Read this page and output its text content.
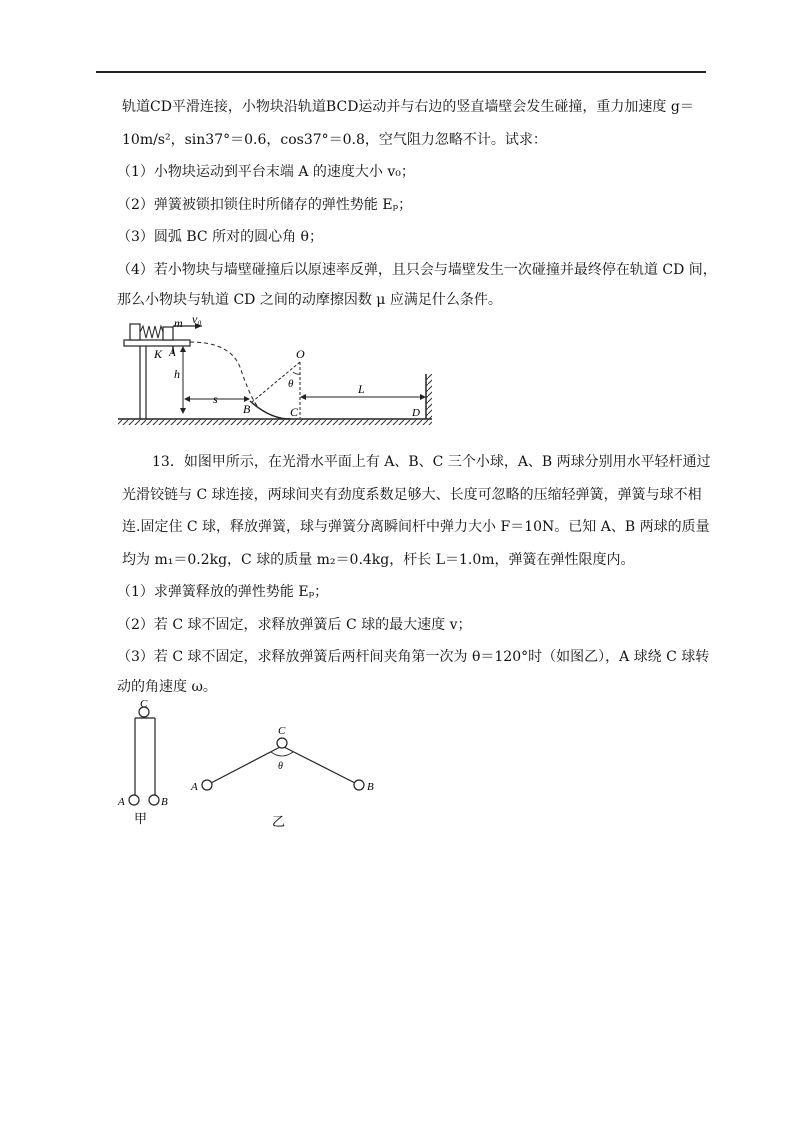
轨道CD平滑连接，小物块沿轨道BCD运动并与右边的竖直墙壁会发生碰撞，重力加速度 g＝
10m/s²，sin37°＝0.6，cos37°＝0.8，空气阻力忽略不计。试求：
（1）小物块运动到平台末端 A 的速度大小 v₀；
（2）弹簧被锁扣锁住时所储存的弹性势能 Eₚ；
（3）圆弧 BC 所对的圆心角 θ；
（4）若小物块与墙壁碰撞后以原速率反弹，且只会与墙壁发生一次碰撞并最终停在轨道 CD 间，
那么小物块与轨道 CD 之间的动摩擦因数 μ 应满足什么条件。
m v₀
K A
h
s
B
O
θ
C
L
D
13．如图甲所示，在光滑水平面上有 A、B、C 三个小球，A、B 两球分别用水平轻杆通过
光滑铰链与 C 球连接，两球间夹有劲度系数足够大、长度可忽略的压缩轻弹簧，弹簧与球不相
连.固定住 C 球，释放弹簧，球与弹簧分离瞬间杆中弹力大小 F＝10N。已知 A、B 两球的质量
均为 m₁＝0.2kg，C 球的质量 m₂＝0.4kg，杆长 L＝1.0m，弹簧在弹性限度内。
（1）求弹簧释放的弹性势能 Eₚ；
（2）若 C 球不固定，求释放弹簧后 C 球的最大速度 v；
（3）若 C 球不固定，求释放弹簧后两杆间夹角第一次为 θ＝120°时（如图乙），A 球绕 C 球转
动的角速度 ω。
C
A	B
甲
C
θ
A	B
乙
